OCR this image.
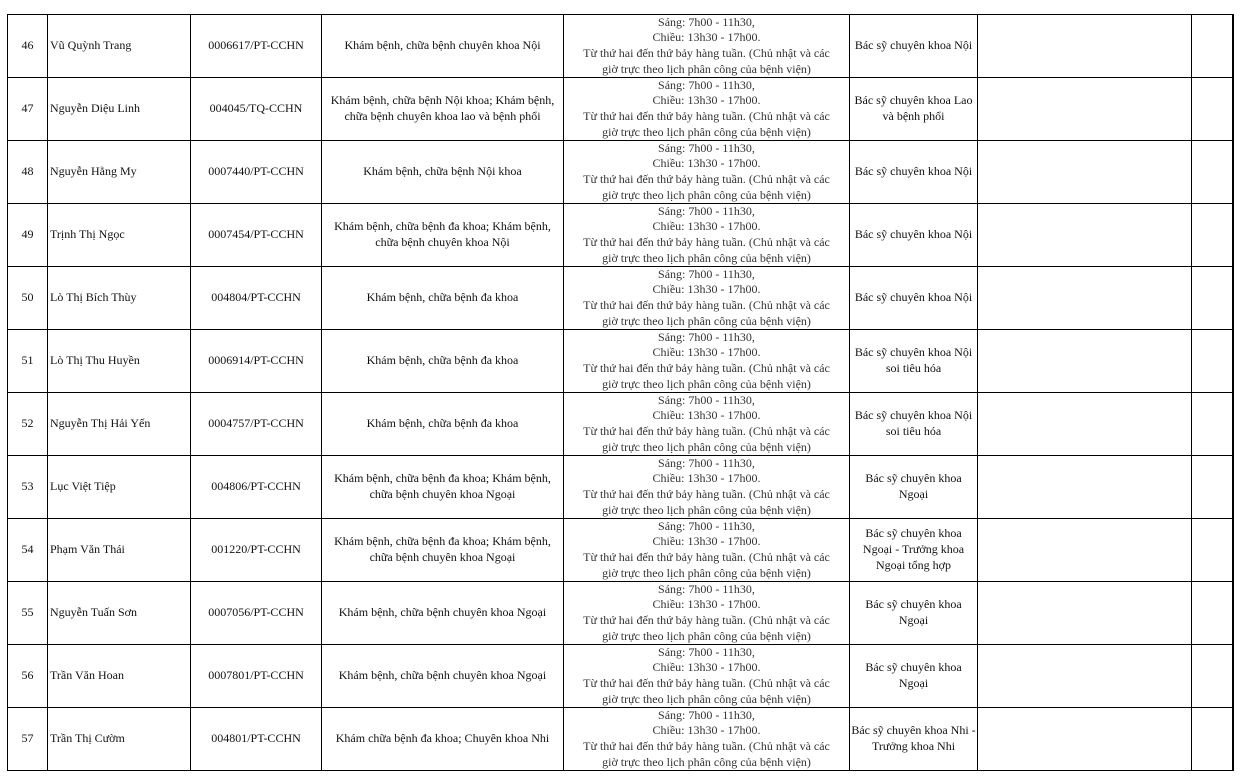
46	Vũ Quỳnh Trang	0006617/PT-CCHN	Khám bệnh, chữa bệnh chuyên khoa Nội	Sáng: 7h00 - 11h30,
Chiều: 13h30 - 17h00.
Từ thứ hai đến thứ bảy hàng tuần. (Chủ nhật và các
giờ trực theo lịch phân công của bệnh viện)	Bác sỹ chuyên khoa Nội		
47	Nguyễn Diệu Linh	004045/TQ-CCHN	Khám bệnh, chữa bệnh Nội khoa; Khám bệnh, chữa bệnh chuyên khoa lao và bệnh phổi	Sáng: 7h00 - 11h30,
Chiều: 13h30 - 17h00.
Từ thứ hai đến thứ bảy hàng tuần. (Chủ nhật và các
giờ trực theo lịch phân công của bệnh viện)	Bác sỹ chuyên khoa Lao và bệnh phổi		
48	Nguyễn Hằng My	0007440/PT-CCHN	Khám bệnh, chữa bệnh Nội khoa	Sáng: 7h00 - 11h30,
Chiều: 13h30 - 17h00.
Từ thứ hai đến thứ bảy hàng tuần. (Chủ nhật và các
giờ trực theo lịch phân công của bệnh viện)	Bác sỹ chuyên khoa Nội		
49	Trịnh Thị Ngọc	0007454/PT-CCHN	Khám bệnh, chữa bệnh đa khoa; Khám bệnh, chữa bệnh chuyên khoa Nội	Sáng: 7h00 - 11h30,
Chiều: 13h30 - 17h00.
Từ thứ hai đến thứ bảy hàng tuần. (Chủ nhật và các
giờ trực theo lịch phân công của bệnh viện)	Bác sỹ chuyên khoa Nội		
50	Lò Thị Bích Thùy	004804/PT-CCHN	Khám bệnh, chữa bệnh đa khoa	Sáng: 7h00 - 11h30,
Chiều: 13h30 - 17h00.
Từ thứ hai đến thứ bảy hàng tuần. (Chủ nhật và các
giờ trực theo lịch phân công của bệnh viện)	Bác sỹ chuyên khoa Nội		
51	Lò Thị Thu Huyền	0006914/PT-CCHN	Khám bệnh, chữa bệnh đa khoa	Sáng: 7h00 - 11h30,
Chiều: 13h30 - 17h00.
Từ thứ hai đến thứ bảy hàng tuần. (Chủ nhật và các
giờ trực theo lịch phân công của bệnh viện)	Bác sỹ chuyên khoa Nội soi tiêu hóa		
52	Nguyễn Thị Hải Yến	0004757/PT-CCHN	Khám bệnh, chữa bệnh đa khoa	Sáng: 7h00 - 11h30,
Chiều: 13h30 - 17h00.
Từ thứ hai đến thứ bảy hàng tuần. (Chủ nhật và các
giờ trực theo lịch phân công của bệnh viện)	Bác sỹ chuyên khoa Nội soi tiêu hóa		
53	Lục Việt Tiệp	004806/PT-CCHN	Khám bệnh, chữa bệnh đa khoa; Khám bệnh, chữa bệnh chuyên khoa Ngoại	Sáng: 7h00 - 11h30,
Chiều: 13h30 - 17h00.
Từ thứ hai đến thứ bảy hàng tuần. (Chủ nhật và các
giờ trực theo lịch phân công của bệnh viện)	Bác sỹ chuyên khoa Ngoại		
54	Phạm Văn Thái	001220/PT-CCHN	Khám bệnh, chữa bệnh đa khoa; Khám bệnh, chữa bệnh chuyên khoa Ngoại	Sáng: 7h00 - 11h30,
Chiều: 13h30 - 17h00.
Từ thứ hai đến thứ bảy hàng tuần. (Chủ nhật và các
giờ trực theo lịch phân công của bệnh viện)	Bác sỹ chuyên khoa Ngoại - Trưởng khoa Ngoại tổng hợp		
55	Nguyễn Tuấn Sơn	0007056/PT-CCHN	Khám bệnh, chữa bệnh chuyên khoa Ngoại	Sáng: 7h00 - 11h30,
Chiều: 13h30 - 17h00.
Từ thứ hai đến thứ bảy hàng tuần. (Chủ nhật và các
giờ trực theo lịch phân công của bệnh viện)	Bác sỹ chuyên khoa Ngoại		
56	Trần Văn Hoan	0007801/PT-CCHN	Khám bệnh, chữa bệnh chuyên khoa Ngoại	Sáng: 7h00 - 11h30,
Chiều: 13h30 - 17h00.
Từ thứ hai đến thứ bảy hàng tuần. (Chủ nhật và các
giờ trực theo lịch phân công của bệnh viện)	Bác sỹ chuyên khoa Ngoại		
57	Trần Thị Cườm	004801/PT-CCHN	Khám chữa bệnh đa khoa; Chuyên khoa Nhi	Sáng: 7h00 - 11h30,
Chiều: 13h30 - 17h00.
Từ thứ hai đến thứ bảy hàng tuần. (Chủ nhật và các
giờ trực theo lịch phân công của bệnh viện)	Bác sỹ chuyên khoa Nhi - Trưởng khoa Nhi		
